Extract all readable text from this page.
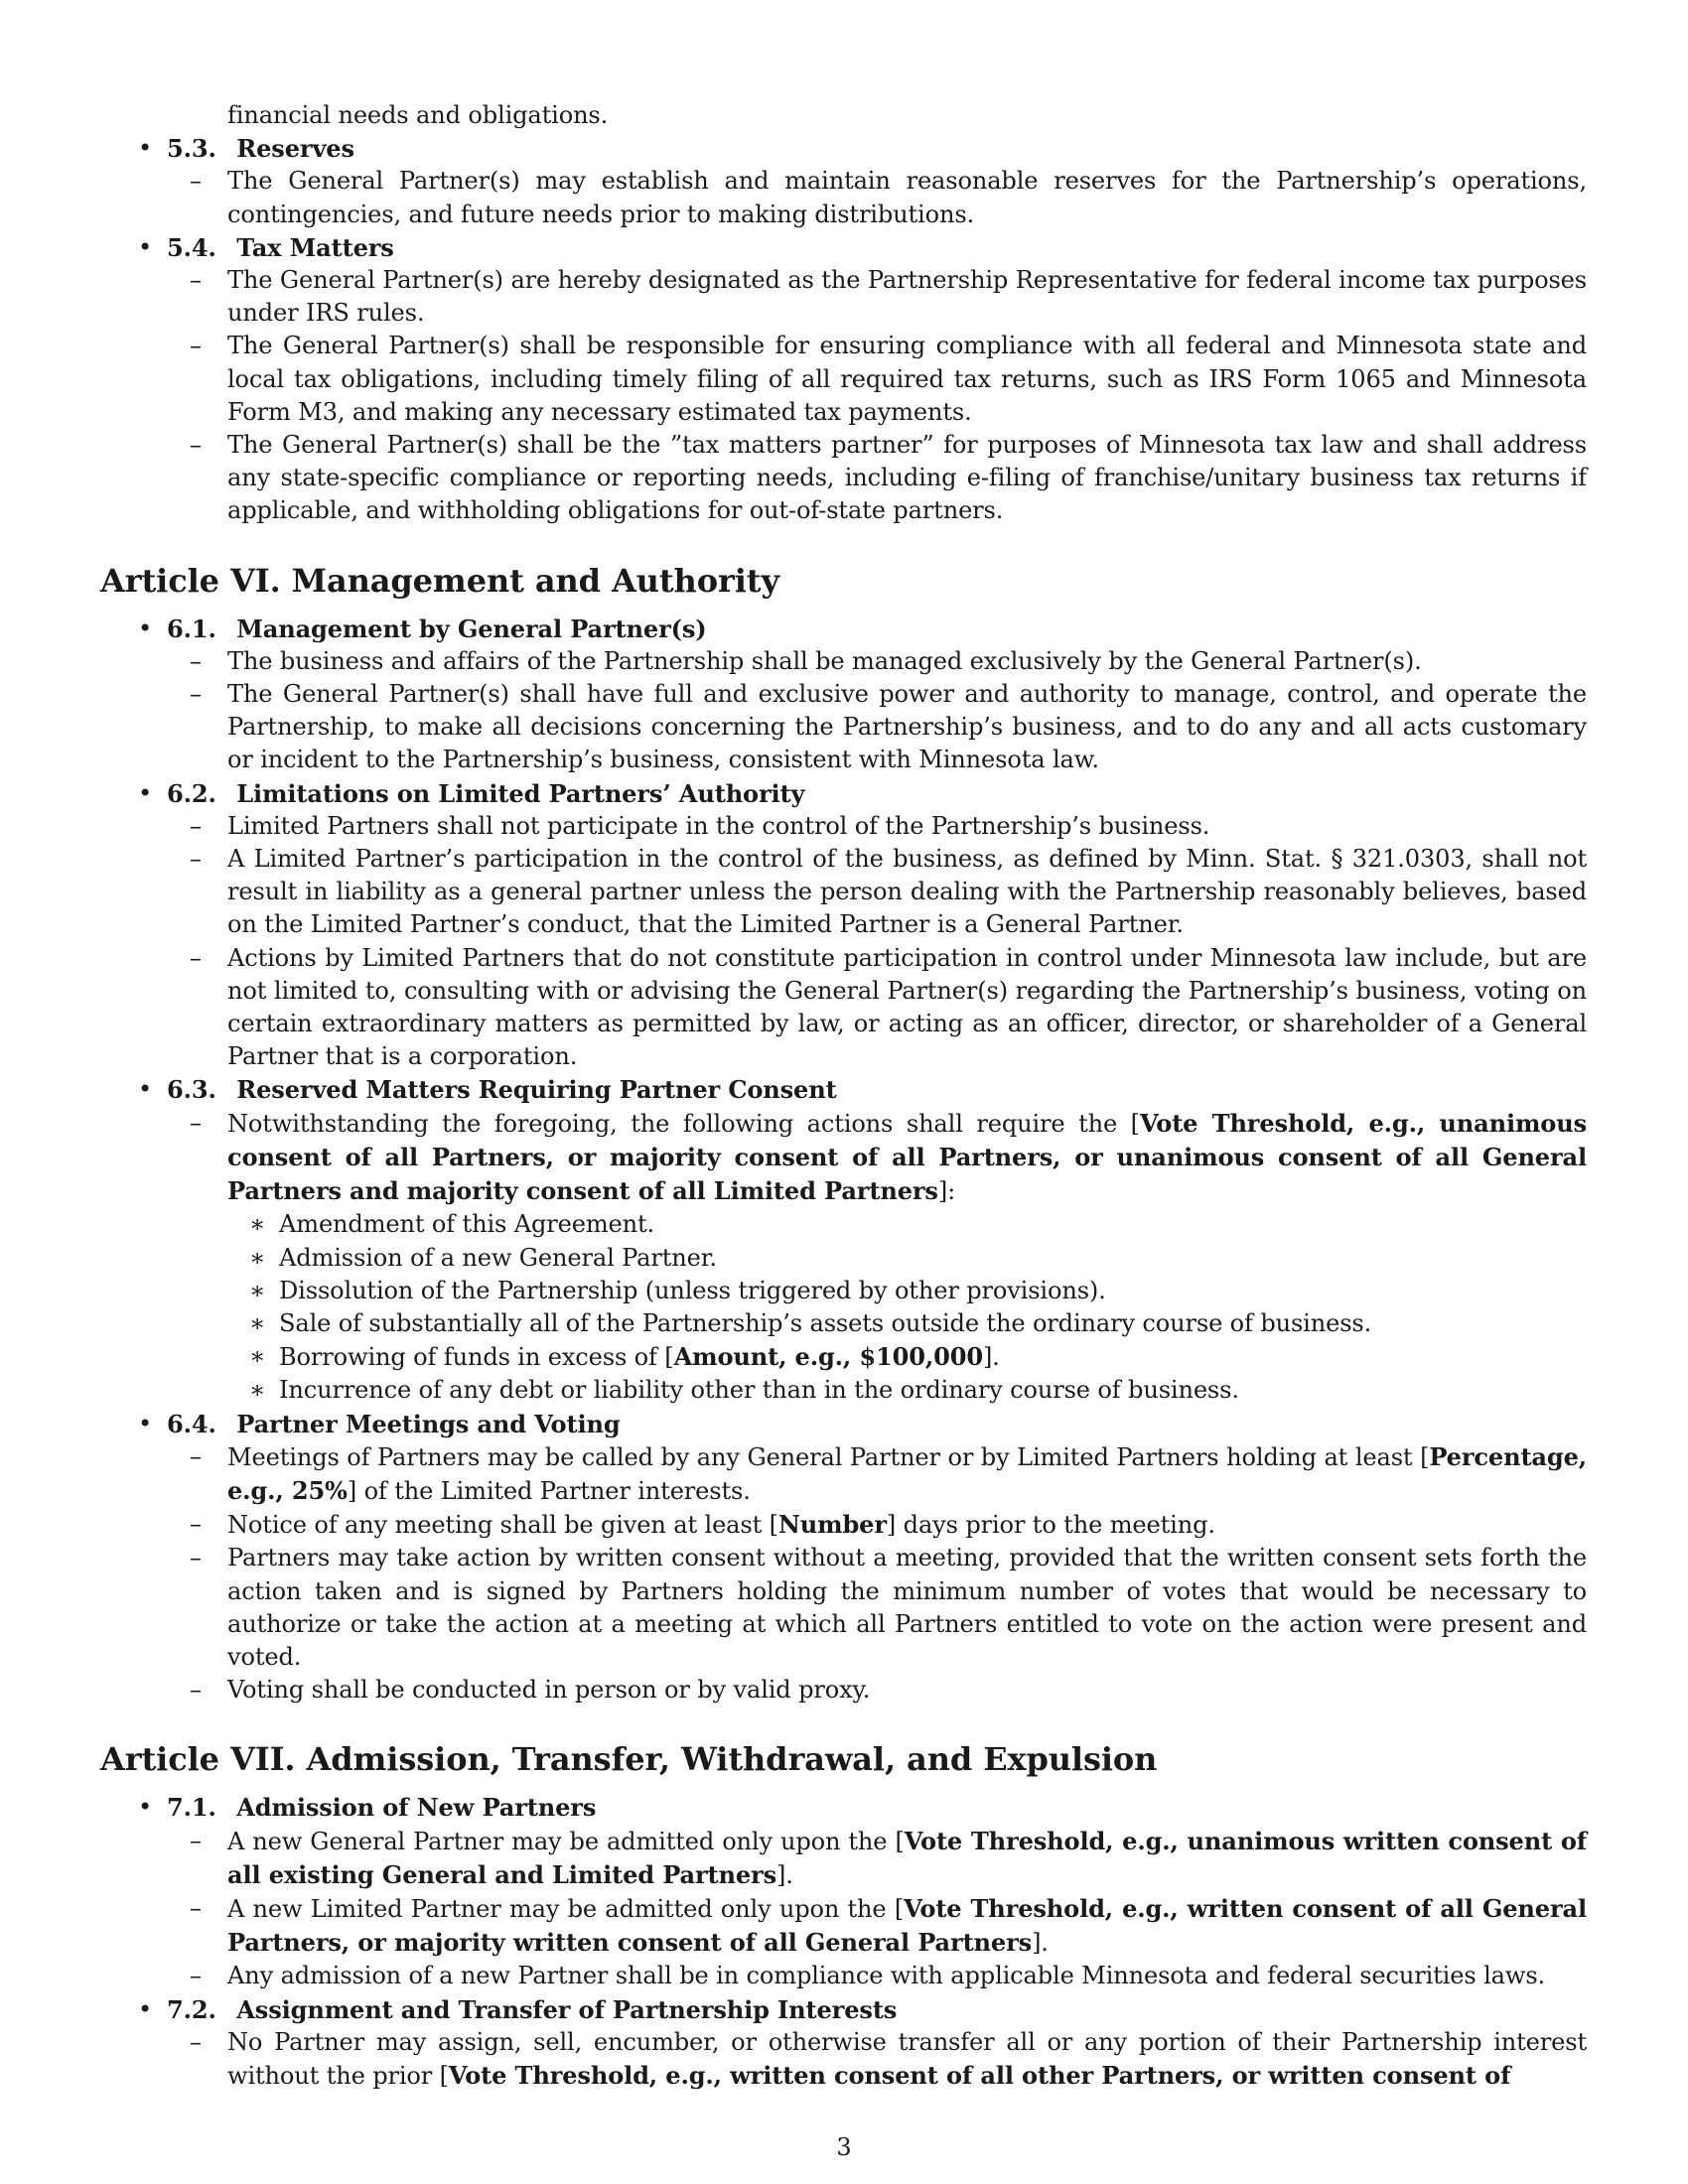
financial needs and obligations.

• 5.3. Reserves
– The General Partner(s) may establish and maintain reasonable reserves for the Partnership’s operations, contingencies, and future needs prior to making distributions.
• 5.4. Tax Matters
– The General Partner(s) are hereby designated as the Partnership Representative for federal income tax purposes under IRS rules.
– The General Partner(s) shall be responsible for ensuring compliance with all federal and Minnesota state and local tax obligations, including timely filing of all required tax returns, such as IRS Form 1065 and Minnesota Form M3, and making any necessary estimated tax payments.
– The General Partner(s) shall be the ”tax matters partner” for purposes of Minnesota tax law and shall address any state-specific compliance or reporting needs, including e-filing of franchise/unitary business tax returns if applicable, and withholding obligations for out-of-state partners.
Article VI. Management and Authority
• 6.1. Management by General Partner(s)
– The business and affairs of the Partnership shall be managed exclusively by the General Partner(s).
– The General Partner(s) shall have full and exclusive power and authority to manage, control, and operate the Partnership, to make all decisions concerning the Partnership’s business, and to do any and all acts customary or incident to the Partnership’s business, consistent with Minnesota law.
• 6.2. Limitations on Limited Partners’ Authority
– Limited Partners shall not participate in the control of the Partnership’s business.
– A Limited Partner’s participation in the control of the business, as defined by Minn. Stat. § 321.0303, shall not result in liability as a general partner unless the person dealing with the Partnership reasonably believes, based on the Limited Partner’s conduct, that the Limited Partner is a General Partner.
– Actions by Limited Partners that do not constitute participation in control under Minnesota law include, but are not limited to, consulting with or advising the General Partner(s) regarding the Partnership’s business, voting on certain extraordinary matters as permitted by law, or acting as an officer, director, or shareholder of a General Partner that is a corporation.
• 6.3. Reserved Matters Requiring Partner Consent
– Notwithstanding the foregoing, the following actions shall require the [Vote Threshold, e.g., unanimous consent of all Partners, or majority consent of all Partners, or unanimous consent of all General Partners and majority consent of all Limited Partners]:
∗ Amendment of this Agreement.
∗ Admission of a new General Partner.
∗ Dissolution of the Partnership (unless triggered by other provisions).
∗ Sale of substantially all of the Partnership’s assets outside the ordinary course of business.
∗ Borrowing of funds in excess of [Amount, e.g., $100,000].
∗ Incurrence of any debt or liability other than in the ordinary course of business.
• 6.4. Partner Meetings and Voting
– Meetings of Partners may be called by any General Partner or by Limited Partners holding at least [Percentage, e.g., 25%] of the Limited Partner interests.
– Notice of any meeting shall be given at least [Number] days prior to the meeting.
– Partners may take action by written consent without a meeting, provided that the written consent sets forth the action taken and is signed by Partners holding the minimum number of votes that would be necessary to authorize or take the action at a meeting at which all Partners entitled to vote on the action were present and voted.
– Voting shall be conducted in person or by valid proxy.
Article VII. Admission, Transfer, Withdrawal, and Expulsion
• 7.1. Admission of New Partners
– A new General Partner may be admitted only upon the [Vote Threshold, e.g., unanimous written consent of all existing General and Limited Partners].
– A new Limited Partner may be admitted only upon the [Vote Threshold, e.g., written consent of all General Partners, or majority written consent of all General Partners].
– Any admission of a new Partner shall be in compliance with applicable Minnesota and federal securities laws.
• 7.2. Assignment and Transfer of Partnership Interests
– No Partner may assign, sell, encumber, or otherwise transfer all or any portion of their Partnership interest without the prior [Vote Threshold, e.g., written consent of all other Partners, or written consent of
3
